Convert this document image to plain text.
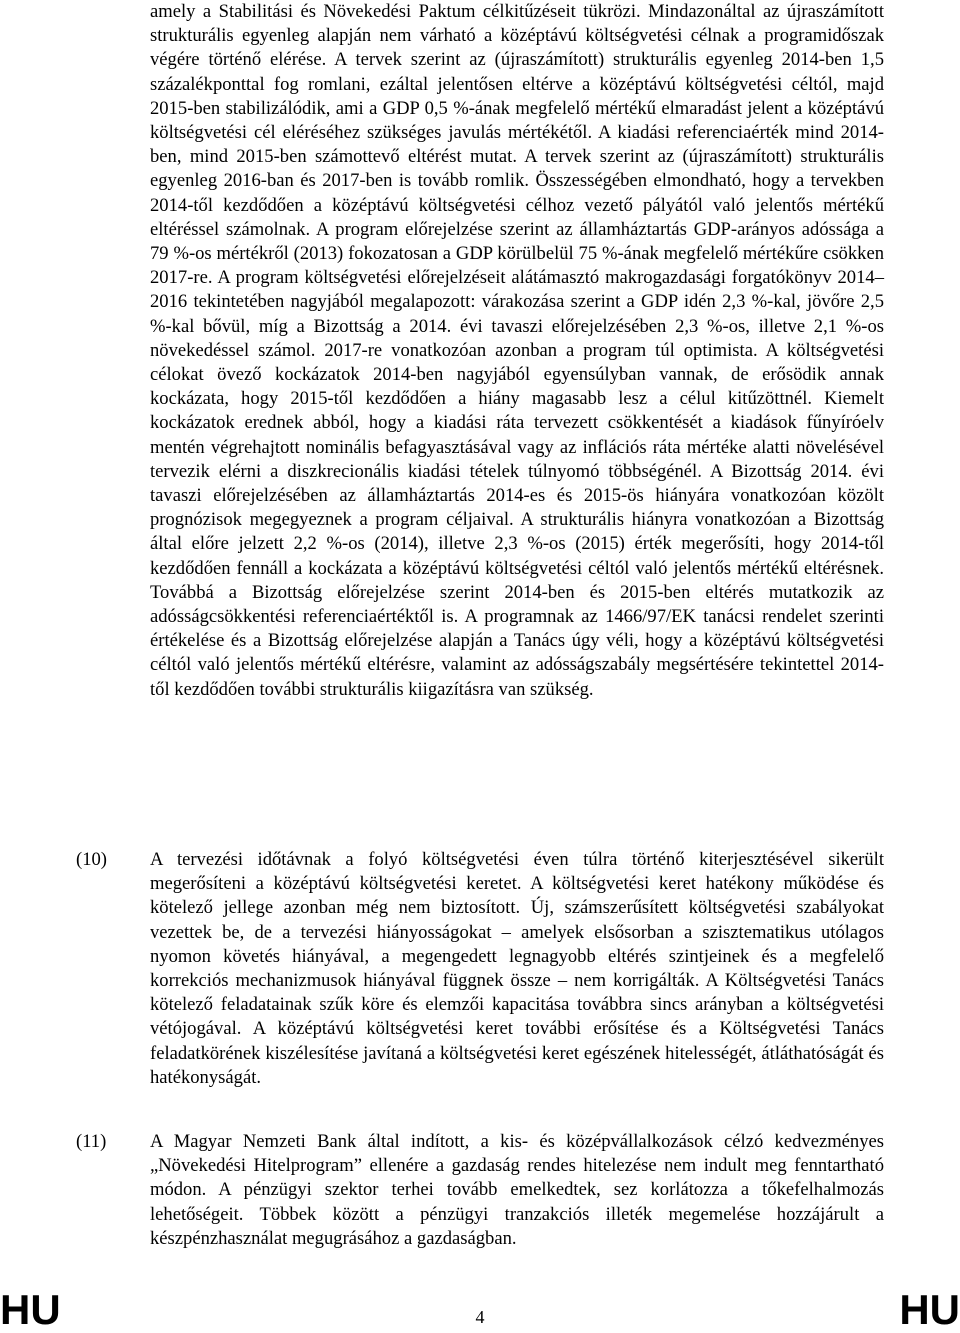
amely a Stabilitási és Növekedési Paktum célkitűzéseit tükrözi. Mindazonáltal az újraszámított strukturális egyenleg alapján nem várható a középtávú költségvetési célnak a programidőszak végére történő elérése. A tervek szerint az (újraszámított) strukturális egyenleg 2014-ben 1,5 százalékponttal fog romlani, ezáltal jelentősen eltérve a középtávú költségvetési céltól, majd 2015-ben stabilizálódik, ami a GDP 0,5 %-ának megfelelő mértékű elmaradást jelent a középtávú költségvetési cél eléréséhez szükséges javulás mértékétől. A kiadási referenciaérték mind 2014-ben, mind 2015-ben számottevő eltérést mutat. A tervek szerint az (újraszámított) strukturális egyenleg 2016-ban és 2017-ben is tovább romlik. Összességében elmondható, hogy a tervekben 2014-től kezdődően a középtávú költségvetési célhoz vezető pályától való jelentős mértékű eltéréssel számolnak. A program előrejelzése szerint az államháztartás GDP-arányos adóssága a 79 %-os mértékről (2013) fokozatosan a GDP körülbelül 75 %-ának megfelelő mértékűre csökken 2017-re. A program költségvetési előrejelzéseit alátámasztó makrogazdasági forgatókönyv 2014–2016 tekintetében nagyjából megalapozott: várakozása szerint a GDP idén 2,3 %-kal, jövőre 2,5 %-kal bővül, míg a Bizottság a 2014. évi tavaszi előrejelzésében 2,3 %-os, illetve 2,1 %-os növekedéssel számol. 2017-re vonatkozóan azonban a program túl optimista. A költségvetési célokat övező kockázatok 2014-ben nagyjából egyensúlyban vannak, de erősödik annak kockázata, hogy 2015-től kezdődően a hiány magasabb lesz a célul kitűzöttnél. Kiemelt kockázatok erednek abból, hogy a kiadási ráta tervezett csökkentését a kiadások fűnyíróelv mentén végrehajtott nominális befagyasztásával vagy az inflációs ráta mértéke alatti növelésével tervezik elérni a diszkrecionális kiadási tételek túlnyomó többségénél. A Bizottság 2014. évi tavaszi előrejelzésében az államháztartás 2014-es és 2015-ös hiányára vonatkozóan közölt prognózisok megegyeznek a program céljaival. A strukturális hiányra vonatkozóan a Bizottság által előre jelzett 2,2 %-os (2014), illetve 2,3 %-os (2015) érték megerősíti, hogy 2014-től kezdődően fennáll a kockázata a középtávú költségvetési céltól való jelentős mértékű eltérésnek. Továbbá a Bizottság előrejelzése szerint 2014-ben és 2015-ben eltérés mutatkozik az adósságcsökkentési referenciaértéktől is. A programnak az 1466/97/EK tanácsi rendelet szerinti értékelése és a Bizottság előrejelzése alapján a Tanács úgy véli, hogy a középtávú költségvetési céltól való jelentős mértékű eltérésre, valamint az adósságszabály megsértésére tekintettel 2014-től kezdődően további strukturális kiigazításra van szükség.

(10) A tervezési időtávnak a folyó költségvetési éven túlra történő kiterjesztésével sikerült megerősíteni a középtávú költségvetési keretet. A költségvetési keret hatékony működése és kötelező jellege azonban még nem biztosított. Új, számszerűsített költségvetési szabályokat vezettek be, de a tervezési hiányosságokat – amelyek elsősorban a szisztematikus utólagos nyomon követés hiányával, a megengedett legnagyobb eltérés szintjeinek és a megfelelő korrekciós mechanizmusok hiányával függnek össze – nem korrigálták. A Költségvetési Tanács kötelező feladatainak szűk köre és elemzői kapacitása továbbra sincs arányban a költségvetési vétójogával. A középtávú költségvetési keret további erősítése és a Költségvetési Tanács feladatkörének kiszélesítése javítaná a költségvetési keret egészének hitelességét, átláthatóságát és hatékonyságát.

(11) A Magyar Nemzeti Bank által indított, a kis- és középvállalkozások célzó kedvezményes „Növekedési Hitelprogram” ellenére a gazdaság rendes hitelezése nem indult meg fenntartható módon. A pénzügyi szektor terhei tovább emelkedtek, sez korlátozza a tőkefelhalmozás lehetőségeit. Többek között a pénzügyi tranzakciós illeték megemelése hozzájárult a készpénzhasználat megugrásához a gazdaságban.

HU	4	HU
